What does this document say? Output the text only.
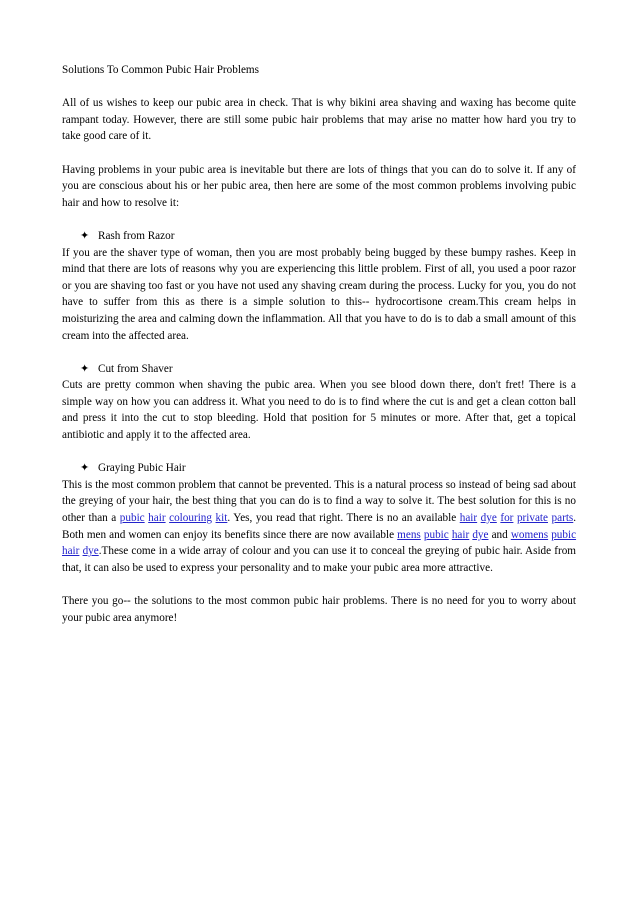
Solutions To Common Pubic Hair Problems

All of us wishes to keep our pubic area in check. That is why bikini area shaving and waxing has become quite rampant today. However, there are still some pubic hair problems that may arise no matter how hard you try to take good care of it.

Having problems in your pubic area is inevitable but there are lots of things that you can do to solve it. If any of you are conscious about his or her pubic area, then here are some of the most common problems involving pubic hair and how to resolve it:

✦ Rash from Razor
If you are the shaver type of woman, then you are most probably being bugged by these bumpy rashes. Keep in mind that there are lots of reasons why you are experiencing this little problem. First of all, you used a poor razor or you are shaving too fast or you have not used any shaving cream during the process. Lucky for you, you do not have to suffer from this as there is a simple solution to this-- hydrocortisone cream.This cream helps in moisturizing the area and calming down the inflammation. All that you have to do is to dab a small amount of this cream into the affected area.
✦ Cut from Shaver
Cuts are pretty common when shaving the pubic area. When you see blood down there, don't fret! There is a simple way on how you can address it. What you need to do is to find where the cut is and get a clean cotton ball and press it into the cut to stop bleeding. Hold that position for 5 minutes or more. After that, get a topical antibiotic and apply it to the affected area.
✦ Graying Pubic Hair
This is the most common problem that cannot be prevented. This is a natural process so instead of being sad about the greying of your hair, the best thing that you can do is to find a way to solve it. The best solution for this is no other than a pubic hair colouring kit. Yes, you read that right. There is no an available hair dye for private parts. Both men and women can enjoy its benefits since there are now available mens pubic hair dye and womens pubic hair dye.These come in a wide array of colour and you can use it to conceal the greying of pubic hair. Aside from that, it can also be used to express your personality and to make your pubic area more attractive.

There you go-- the solutions to the most common pubic hair problems. There is no need for you to worry about your pubic area anymore!
